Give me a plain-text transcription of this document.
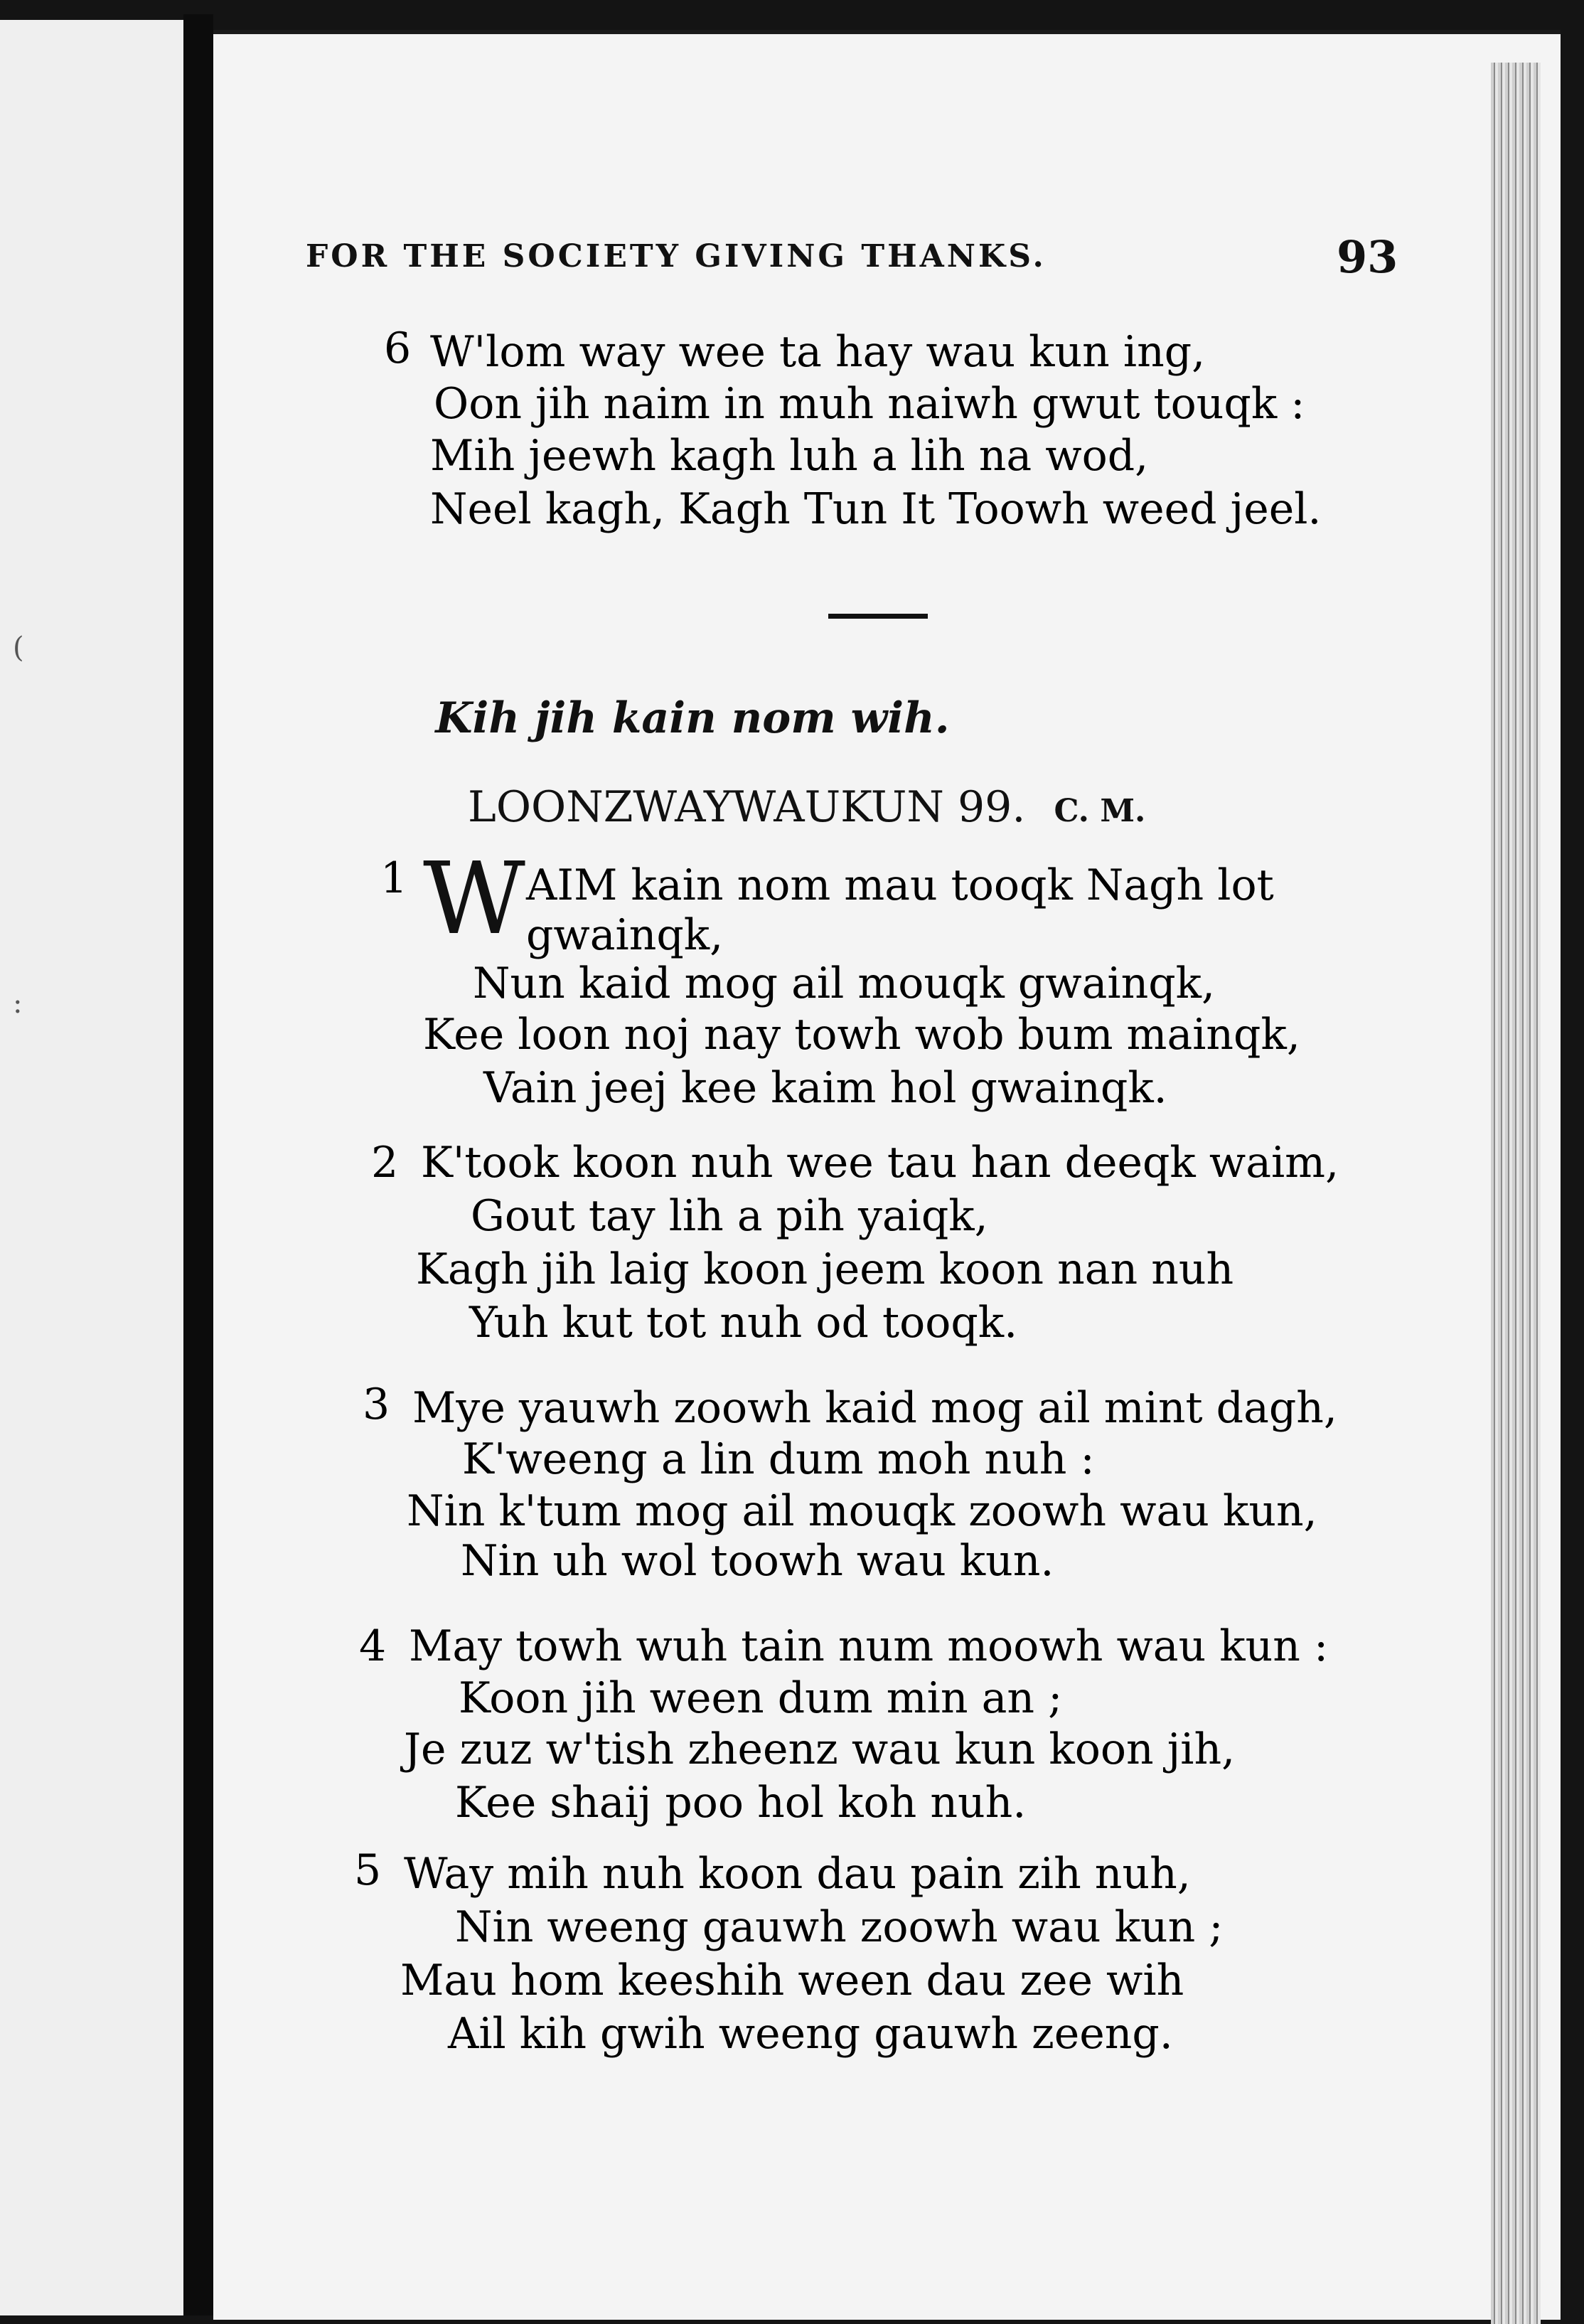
(
:
FOR THE SOCIETY GIVING THANKS.	93
6 W'lom way wee ta hay wau kun ing,
Oon jih naim in muh naiwh gwut touqk :
Mih jeewh kagh luh a lih na wod,
Neel kagh, Kagh Tun It Toowh weed jeel.
Kih jih kain nom wih.
LOONZWAYWAUKUN 99. C. M.
1 W AIM kain nom mau tooqk Nagh lot
gwainqk,
Nun kaid mog ail mouqk gwainqk,
Kee loon noj nay towh wob bum mainqk,
Vain jeej kee kaim hol gwainqk.
2 K'took koon nuh wee tau han deeqk waim,
Gout tay lih a pih yaiqk,
Kagh jih laig koon jeem koon nan nuh
Yuh kut tot nuh od tooqk.
3 Mye yauwh zoowh kaid mog ail mint dagh,
K'weeng a lin dum moh nuh :
Nin k'tum mog ail mouqk zoowh wau kun,
Nin uh wol toowh wau kun.
4 May towh wuh tain num moowh wau kun :
Koon jih ween dum min an ;
Je zuz w'tish zheenz wau kun koon jih,
Kee shaij poo hol koh nuh.
5 Way mih nuh koon dau pain zih nuh,
Nin weeng gauwh zoowh wau kun ;
Mau hom keeshih ween dau zee wih
Ail kih gwih weeng gauwh zeeng.
